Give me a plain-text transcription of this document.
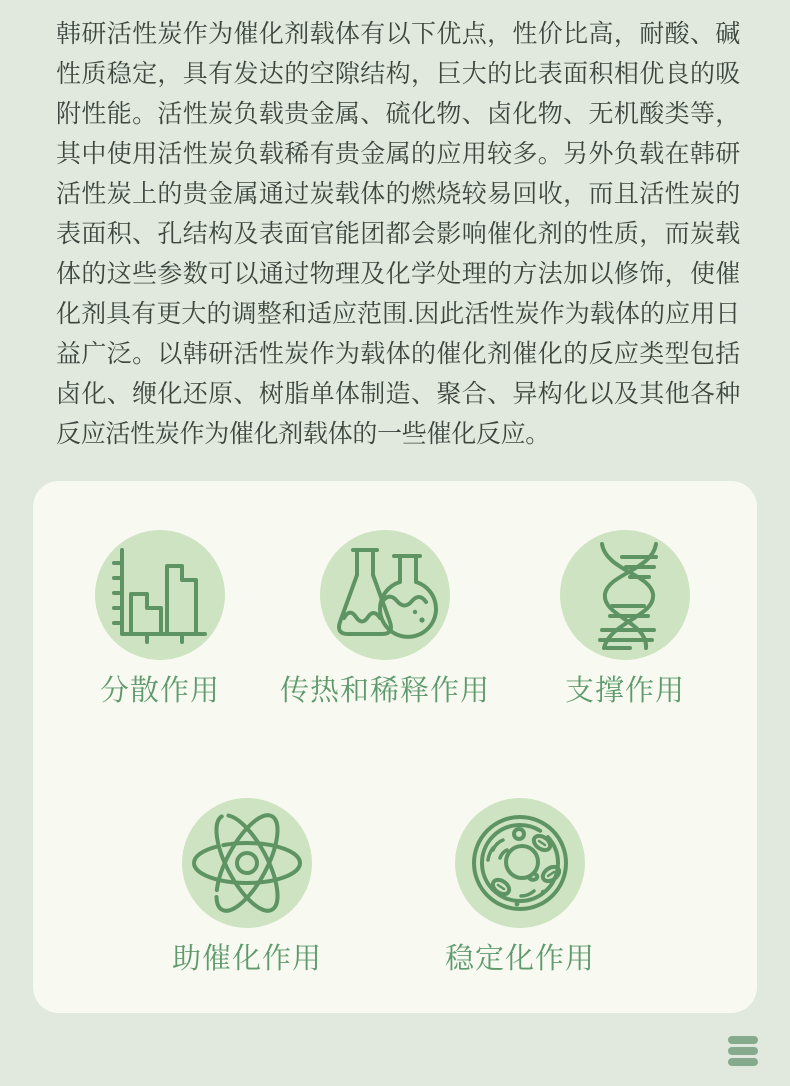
韩研活性炭作为催化剂载体有以下优点，性价比高，耐酸、碱性质稳定，具有发达的空隙结构，巨大的比表面积相优良的吸附性能。活性炭负载贵金属、硫化物、卤化物、无机酸类等，其中使用活性炭负载稀有贵金属的应用较多。另外负载在韩研活性炭上的贵金属通过炭载体的燃烧较易回收，而且活性炭的表面积、孔结构及表面官能团都会影响催化剂的性质，而炭载体的这些参数可以通过物理及化学处理的方法加以修饰，使催化剂具有更大的调整和适应范围.因此活性炭作为载体的应用日益广泛。以韩研活性炭作为载体的催化剂催化的反应类型包括卤化、缏化还原、树脂单体制造、聚合、异构化以及其他各种反应活性炭作为催化剂载体的一些催化反应。

分散作用	传热和稀释作用	支撑作用
助催化作用	稳定化作用
